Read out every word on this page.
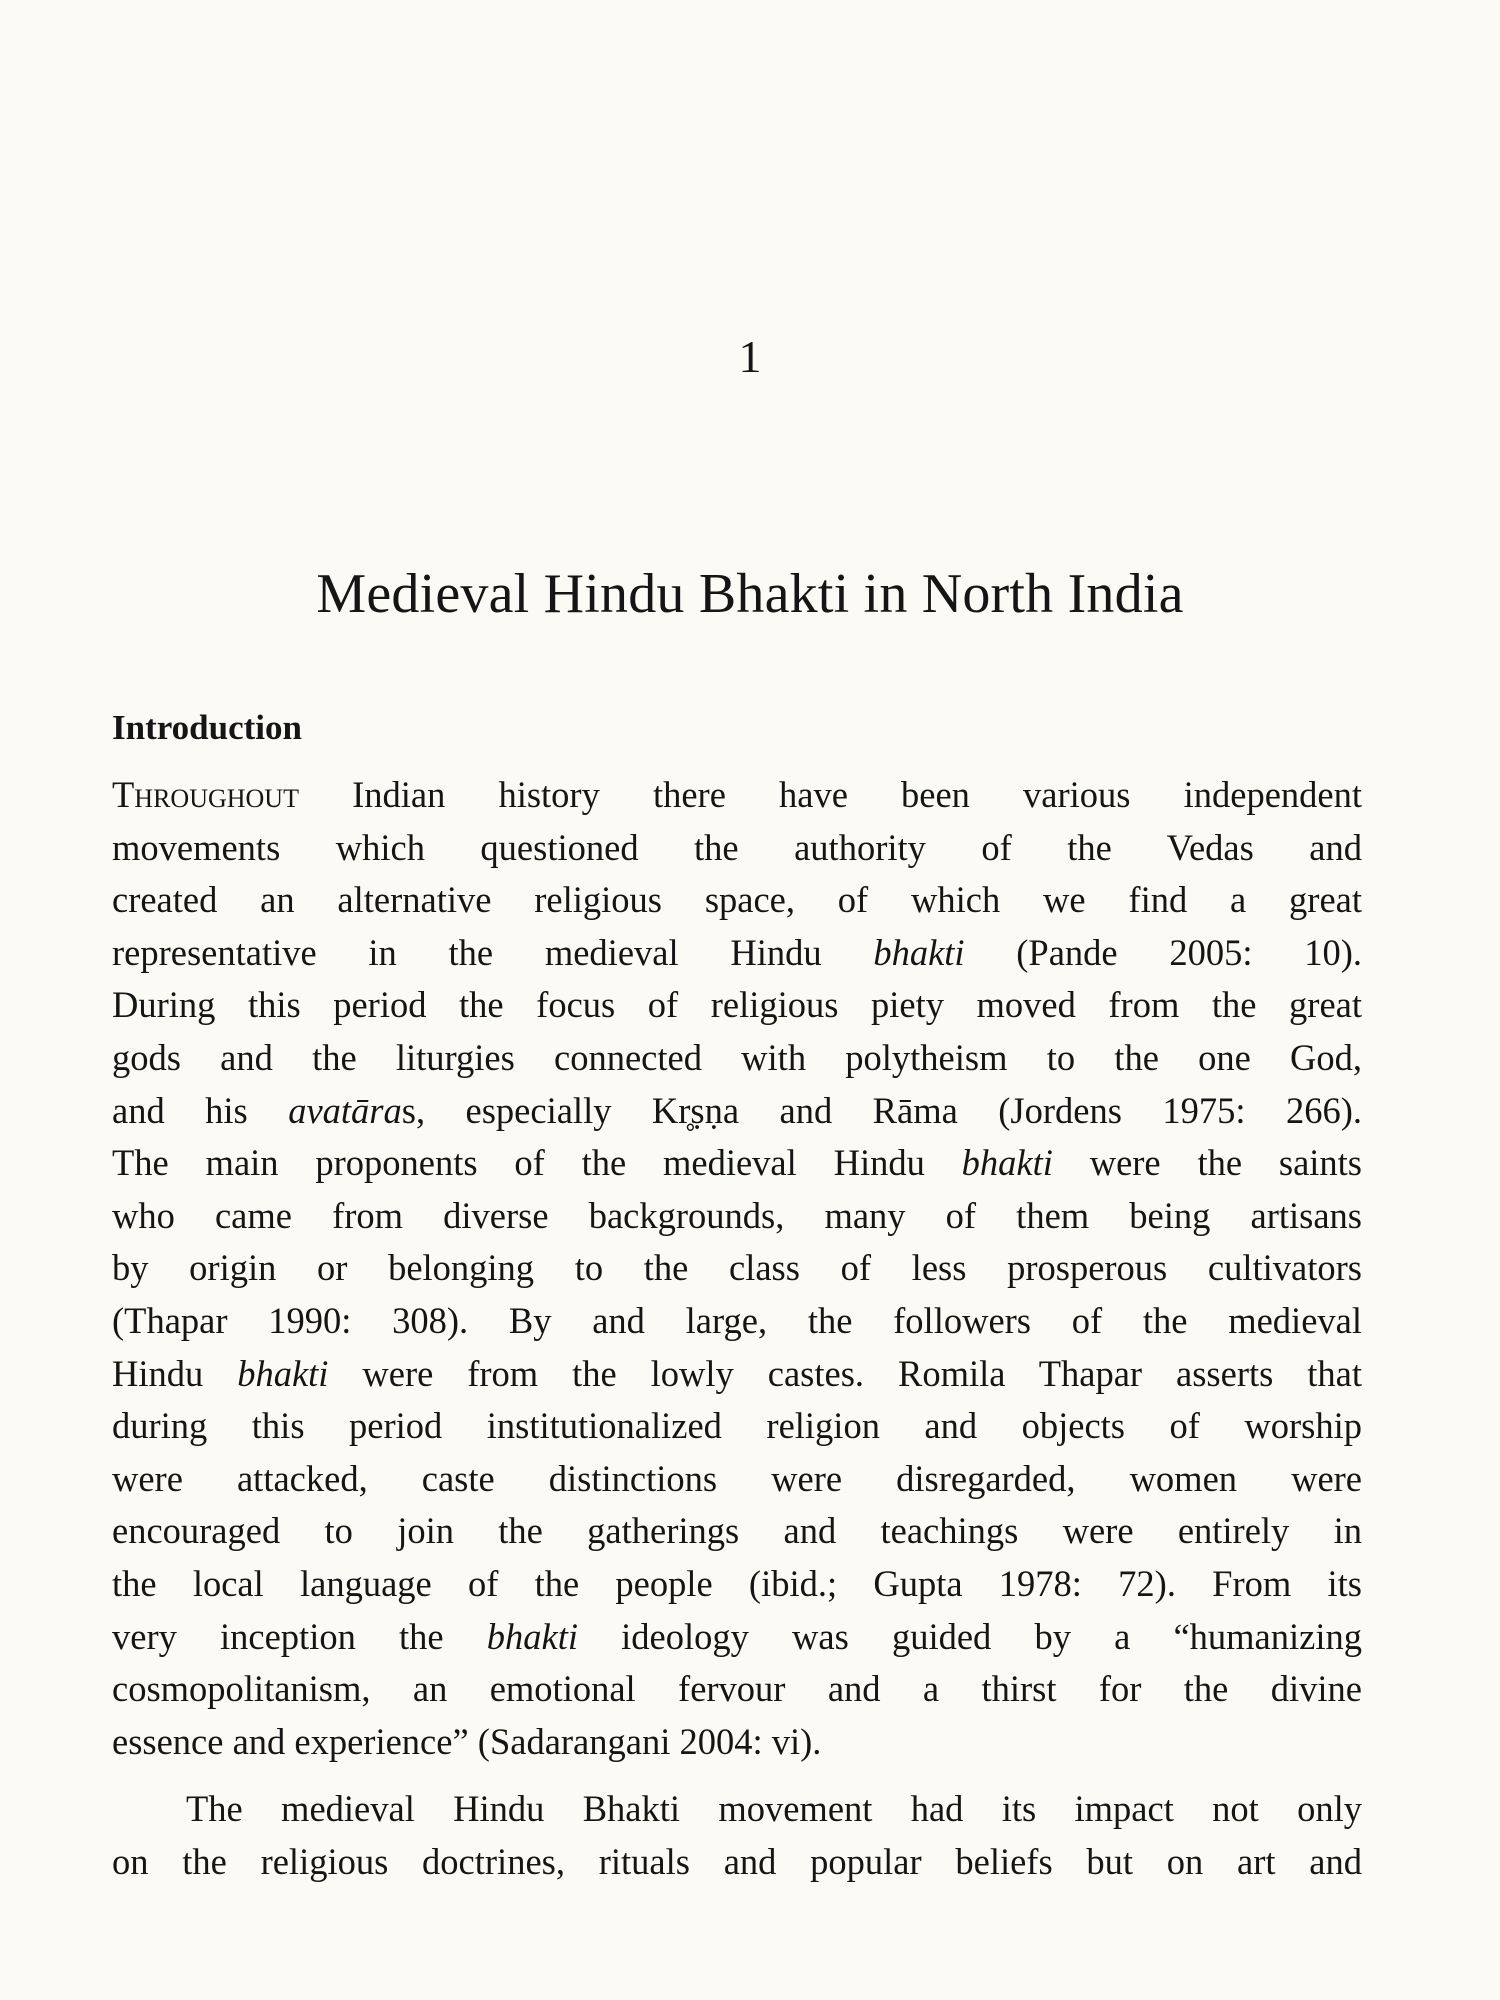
1
Medieval Hindu Bhakti in North India
Introduction
Throughout Indian history there have been various independent
movements which questioned the authority of the Vedas and
created an alternative religious space, of which we find a great
representative in the medieval Hindu bhakti (Pande 2005: 10).
During this period the focus of religious piety moved from the great
gods and the liturgies connected with polytheism to the one God,
and his avatāras, especially Kr̥ṣṇa and Rāma (Jordens 1975: 266).
The main proponents of the medieval Hindu bhakti were the saints
who came from diverse backgrounds, many of them being artisans
by origin or belonging to the class of less prosperous cultivators
(Thapar 1990: 308). By and large, the followers of the medieval
Hindu bhakti were from the lowly castes. Romila Thapar asserts that
during this period institutionalized religion and objects of worship
were attacked, caste distinctions were disregarded, women were
encouraged to join the gatherings and teachings were entirely in
the local language of the people (ibid.; Gupta 1978: 72). From its
very inception the bhakti ideology was guided by a “humanizing
cosmopolitanism, an emotional fervour and a thirst for the divine
essence and experience” (Sadarangani 2004: vi).
The medieval Hindu Bhakti movement had its impact not only
on the religious doctrines, rituals and popular beliefs but on art and
